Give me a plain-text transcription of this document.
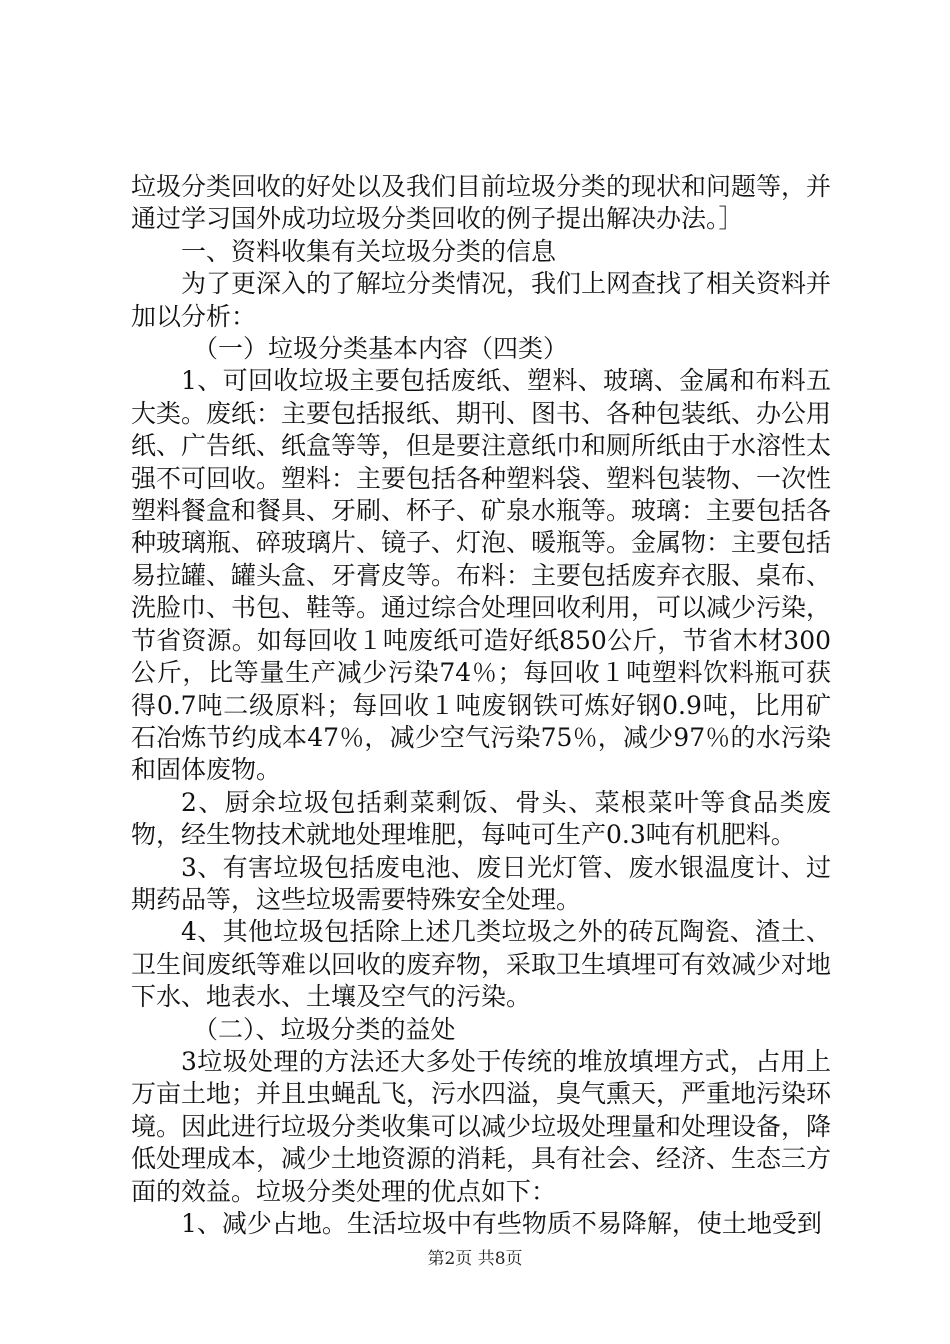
垃圾分类回收的好处以及我们目前垃圾分类的现状和问题等，并通过学习国外成功垃圾分类回收的例子提出解决办法。］

一、资料收集有关垃圾分类的信息

为了更深入的了解垃分类情况，我们上网查找了相关资料并加以分析：

（一）垃圾分类基本内容（四类）

1、可回收垃圾主要包括废纸、塑料、玻璃、金属和布料五大类。废纸：主要包括报纸、期刊、图书、各种包装纸、办公用纸、广告纸、纸盒等等，但是要注意纸巾和厕所纸由于水溶性太强不可回收。塑料：主要包括各种塑料袋、塑料包装物、一次性塑料餐盒和餐具、牙刷、杯子、矿泉水瓶等。玻璃：主要包括各种玻璃瓶、碎玻璃片、镜子、灯泡、暖瓶等。金属物：主要包括易拉罐、罐头盒、牙膏皮等。布料：主要包括废弃衣服、桌布、洗脸巾、书包、鞋等。通过综合处理回收利用，可以减少污染，节省资源。如每回收１吨废纸可造好纸850公斤，节省木材300公斤，比等量生产减少污染74％；每回收１吨塑料饮料瓶可获得0.7吨二级原料；每回收１吨废钢铁可炼好钢0.9吨，比用矿石冶炼节约成本47％，减少空气污染75％，减少97％的水污染和固体废物。

2、厨余垃圾包括剩菜剩饭、骨头、菜根菜叶等食品类废物，经生物技术就地处理堆肥，每吨可生产0.3吨有机肥料。

3、有害垃圾包括废电池、废日光灯管、废水银温度计、过期药品等，这些垃圾需要特殊安全处理。

4、其他垃圾包括除上述几类垃圾之外的砖瓦陶瓷、渣土、卫生间废纸等难以回收的废弃物，采取卫生填埋可有效减少对地下水、地表水、土壤及空气的污染。

（二）、垃圾分类的益处

3垃圾处理的方法还大多处于传统的堆放填埋方式，占用上万亩土地；并且虫蝇乱飞，污水四溢，臭气熏天，严重地污染环境。因此进行垃圾分类收集可以减少垃圾处理量和处理设备，降低处理成本，减少土地资源的消耗，具有社会、经济、生态三方面的效益。垃圾分类处理的优点如下：

1、减少占地。生活垃圾中有些物质不易降解，使土地受到

第2页 共8页
